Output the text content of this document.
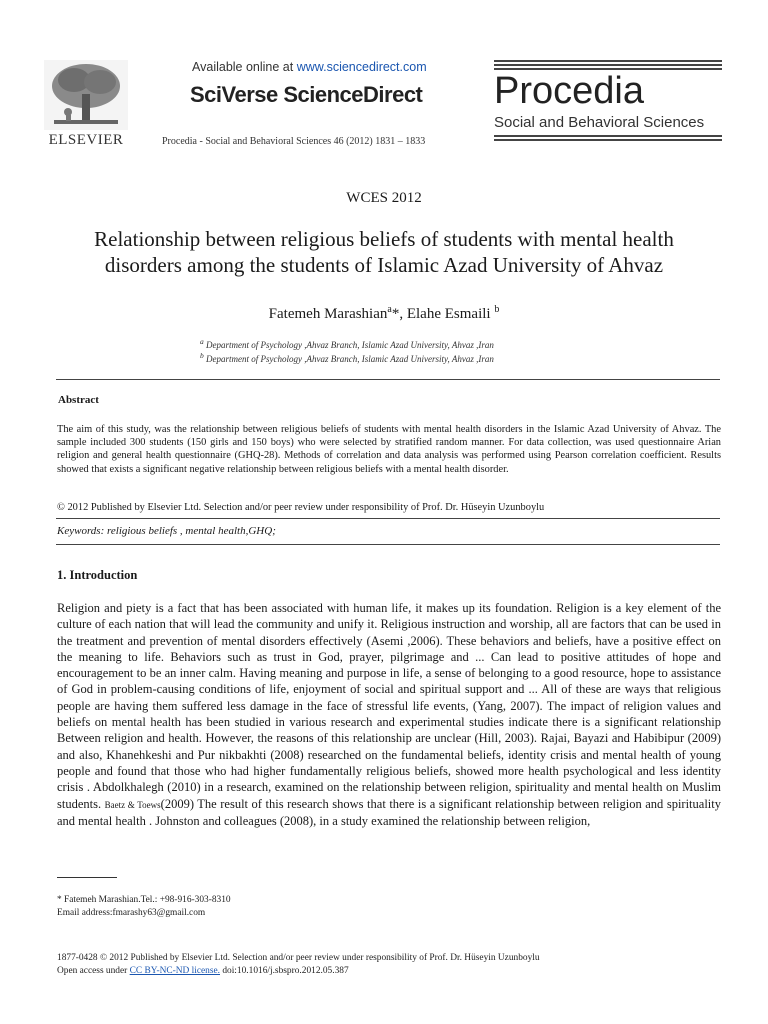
ELSEVIER
Available online at www.sciencedirect.com
SciVerse ScienceDirect
Procedia - Social and Behavioral Sciences 46 (2012) 1831 – 1833
Procedia
Social and Behavioral Sciences
WCES 2012
Relationship between religious beliefs of students with mental health disorders among the students of Islamic Azad University of Ahvaz
Fatemeh Marashian$^a$*, Elahe Esmaili $^b$
$^a$ Department of Psychology ,Ahvaz Branch, Islamic Azad University, Ahvaz ,Iran
$^b$ Department of Psychology ,Ahvaz Branch, Islamic Azad University, Ahvaz ,Iran
Abstract
The aim of this study, was the relationship between religious beliefs of students with mental health disorders in the Islamic Azad University of Ahvaz. The sample included 300 students (150 girls and 150 boys) who were selected by stratified random manner. For data collection, was used questionnaire Arian religion and general health questionnaire (GHQ-28). Methods of correlation and data analysis was performed using Pearson correlation coefficient. Results showed that exists a significant negative relationship between religious beliefs with a mental health disorder.
© 2012 Published by Elsevier Ltd. Selection and/or peer review under responsibility of Prof. Dr. Hüseyin Uzunboylu
Keywords: religious beliefs , mental health,GHQ;
1. Introduction
Religion and piety is a fact that has been associated with human life, it makes up its foundation. Religion is a key element of the culture of each nation that will lead the community and unify it. Religious instruction and worship, all are factors that can be used in the treatment and prevention of mental disorders effectively (Asemi ,2006). These behaviors and beliefs, have a positive effect on the meaning to life. Behaviors such as trust in God, prayer, pilgrimage and ... Can lead to positive attitudes of hope and encouragement to be an inner calm. Having meaning and purpose in life, a sense of belonging to a good resource, hope to assistance of God in problem-causing conditions of life, enjoyment of social and spiritual support and ... All of these are ways that religious people are having them suffered less damage in the face of stressful life events, (Yang, 2007). The impact of religion values and beliefs on mental health has been studied in various research and experimental studies indicate there is a significant relationship Between religion and health. However, the reasons of this relationship are unclear (Hill, 2003). Rajai, Bayazi and Habibipur (2009) and also, Khanehkeshi and Pur nikbakhti (2008) researched on the fundamental beliefs, identity crisis and mental health of young people and found that those who had higher fundamentally religious beliefs, showed more health psychological and less identity crisis . Abdolkhalegh (2010) in a research, examined on the relationship between religion, spirituality and mental health on Muslim students. Baetz & Toews(2009) The result of this research shows that there is a significant relationship between religion and spirituality and mental health . Johnston and colleagues (2008), in a study examined the relationship between religion,
* Fatemeh Marashian.Tel.: +98-916-303-8310
Email address:fmarashy63@gmail.com
1877-0428 © 2012 Published by Elsevier Ltd. Selection and/or peer review under responsibility of Prof. Dr. Hüseyin Uzunboylu
Open access under CC BY-NC-ND license. doi:10.1016/j.sbspro.2012.05.387
